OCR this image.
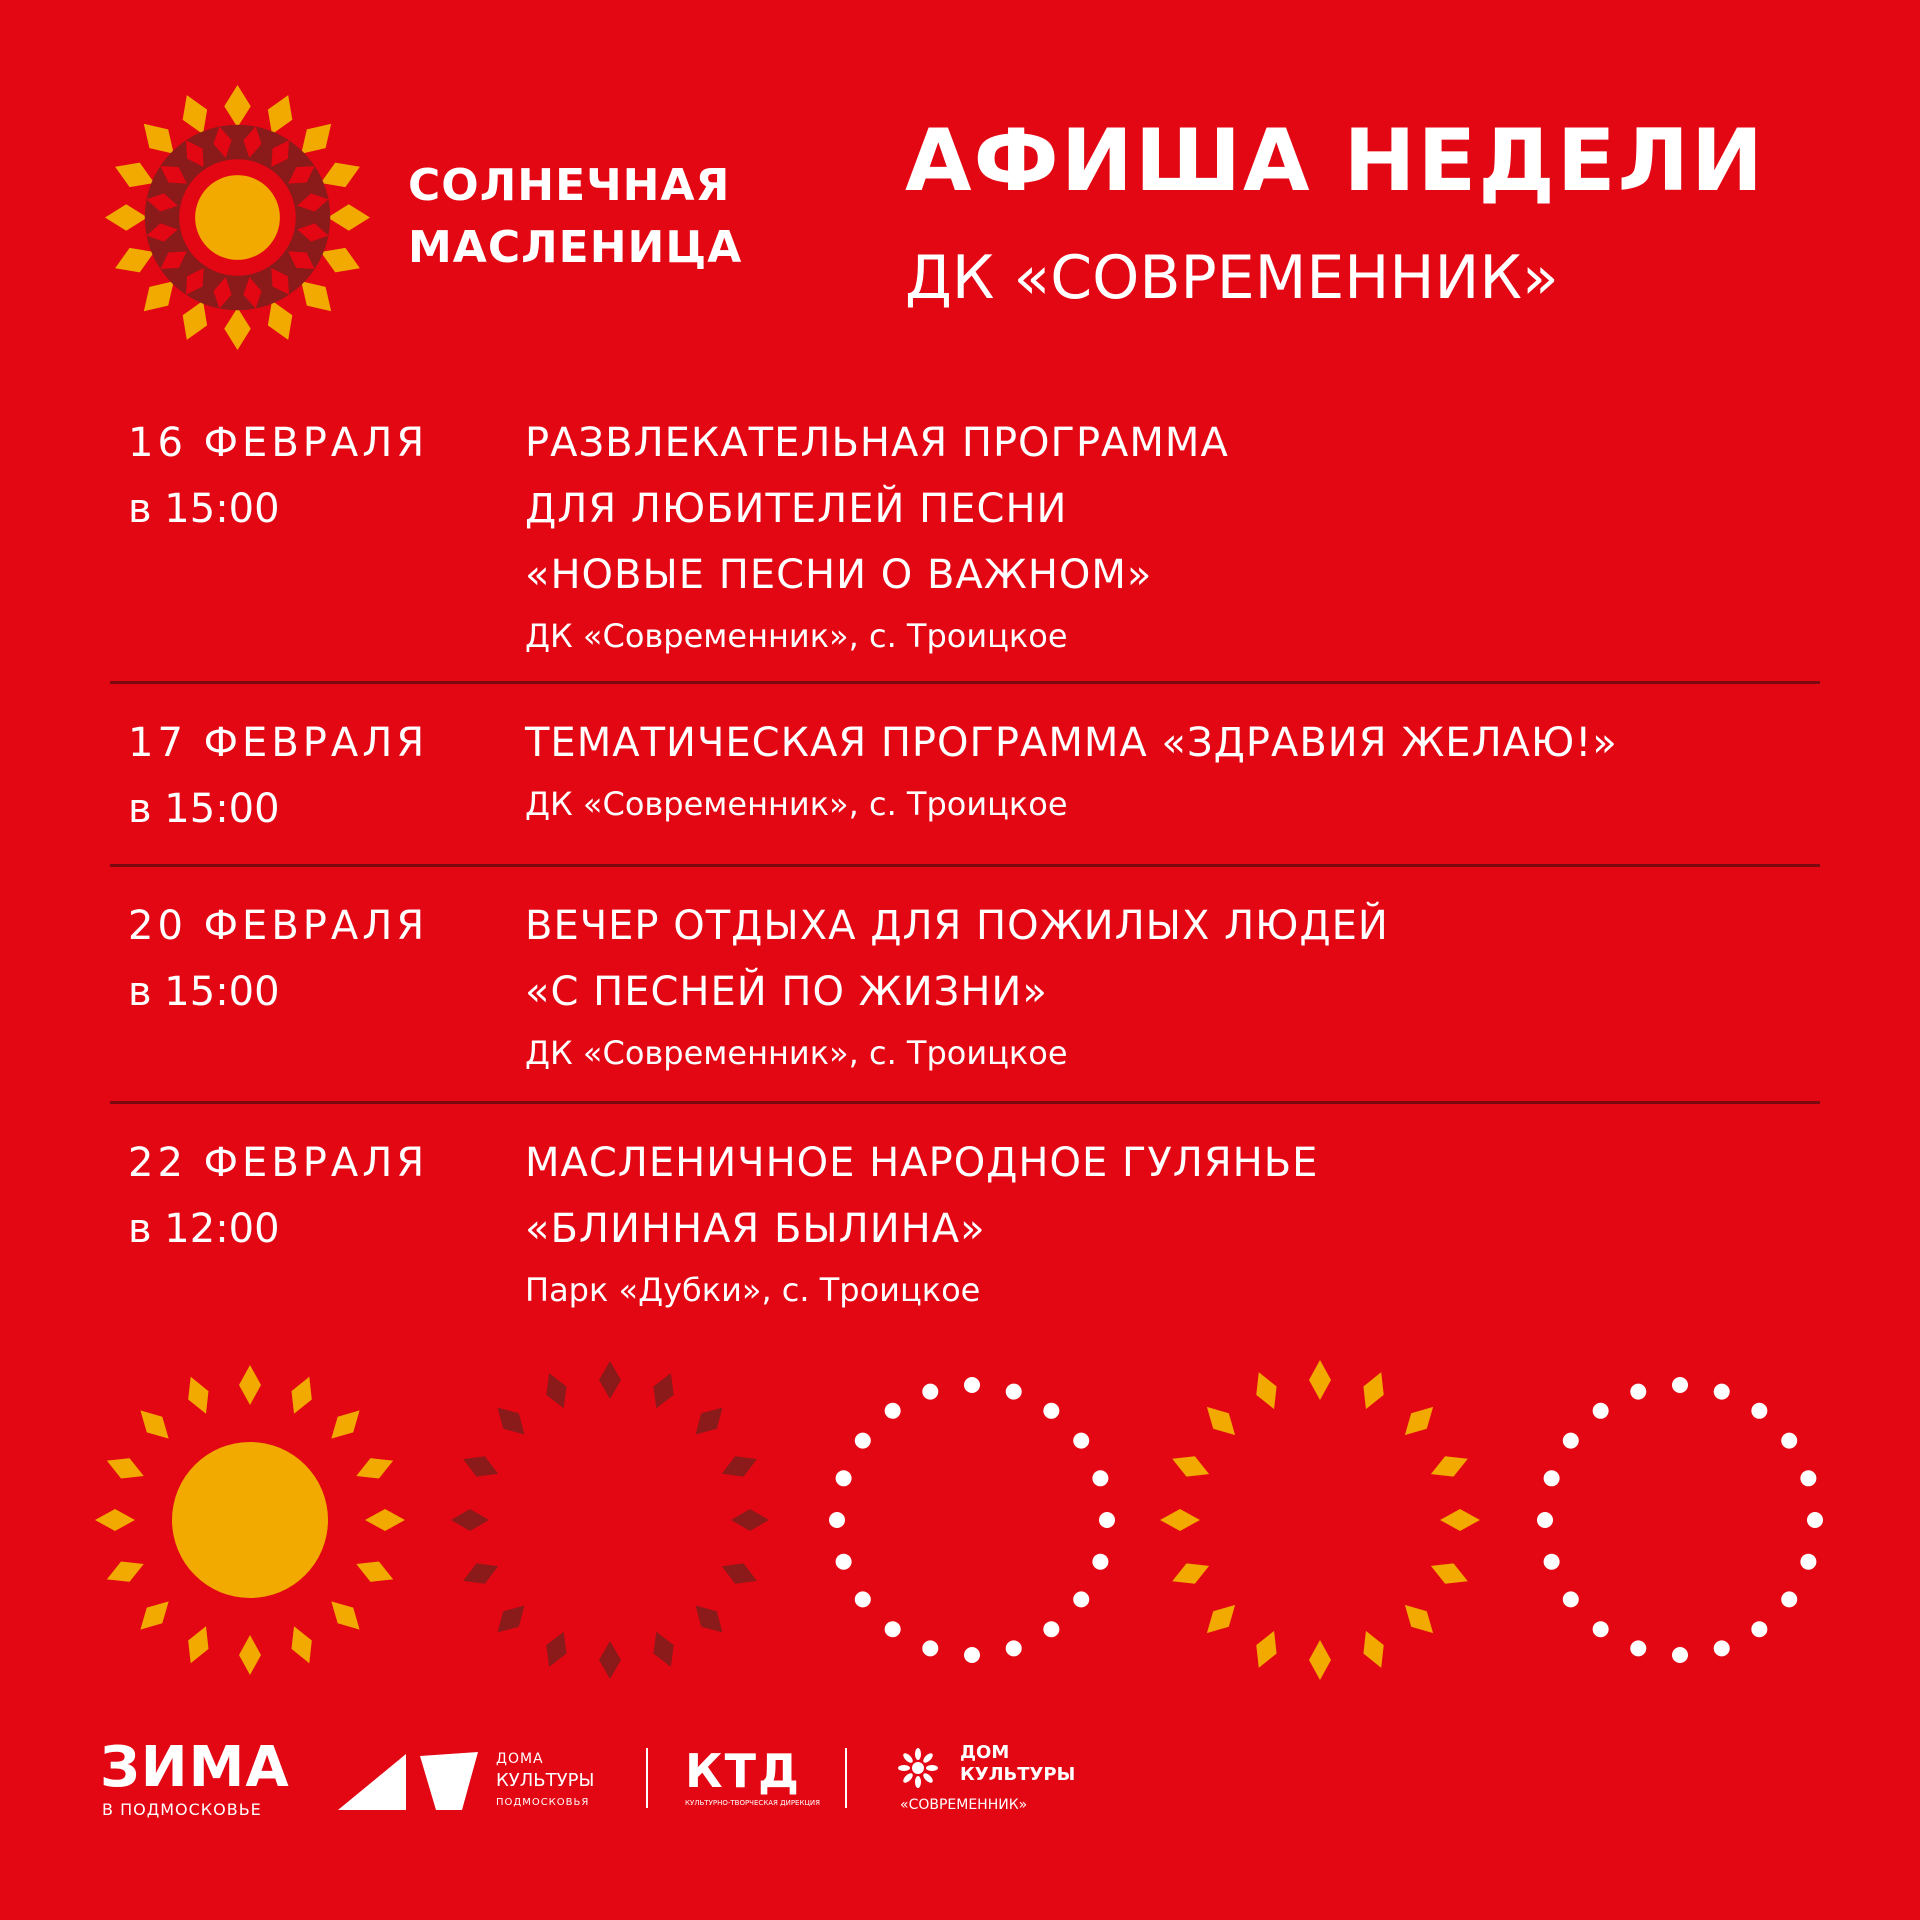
СОЛНЕЧНАЯ
МАСЛЕНИЦА
АФИША НЕДЕЛИ
ДК «СОВРЕМЕННИК»
16 ФЕВРАЛЯ
в 15:00
РАЗВЛЕКАТЕЛЬНАЯ ПРОГРАММА
ДЛЯ ЛЮБИТЕЛЕЙ ПЕСНИ
«НОВЫЕ ПЕСНИ О ВАЖНОМ»
ДК «Современник», с. Троицкое
17 ФЕВРАЛЯ
в 15:00
ТЕМАТИЧЕСКАЯ ПРОГРАММА «ЗДРАВИЯ ЖЕЛАЮ!»
ДК «Современник», с. Троицкое
20 ФЕВРАЛЯ
в 15:00
ВЕЧЕР ОТДЫХА ДЛЯ ПОЖИЛЫХ ЛЮДЕЙ
«С ПЕСНЕЙ ПО ЖИЗНИ»
ДК «Современник», с. Троицкое
22 ФЕВРАЛЯ
в 12:00
МАСЛЕНИЧНОЕ НАРОДНОЕ ГУЛЯНЬЕ
«БЛИННАЯ БЫЛИНА»
Парк «Дубки», с. Троицкое
ЗИМА
В ПОДМОСКОВЬЕ
ДОМА
КУЛЬТУРЫ
ПОДМОСКОВЬЯ
КТД
КУЛЬТУРНО-ТВОРЧЕСКАЯ ДИРЕКЦИЯ
ДОМ
КУЛЬТУРЫ
«СОВРЕМЕННИК»
